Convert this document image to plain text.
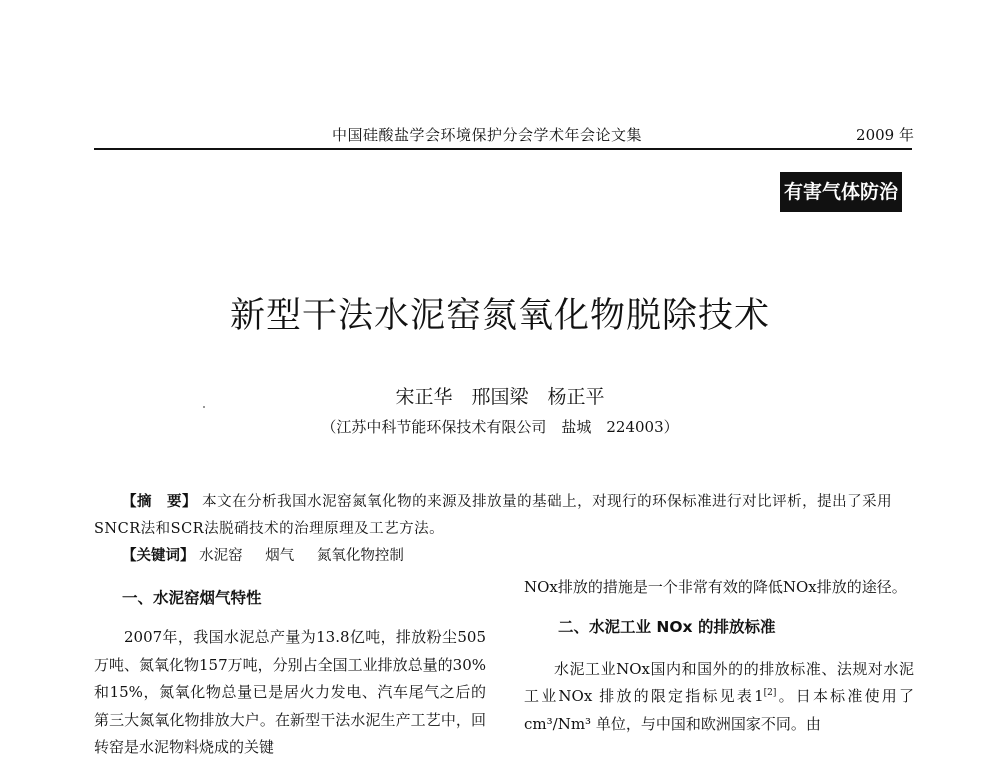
中国硅酸盐学会环境保护分会学术年会论文集	2009 年
有害气体防治
新型干法水泥窑氮氧化物脱除技术
宋正华　邢国梁　杨正平
（江苏中科节能环保技术有限公司　盐城　224003）
【摘　要】 本文在分析我国水泥窑氮氧化物的来源及排放量的基础上，对现行的环保标准进行对比评析，提出了采用SNCR法和SCR法脱硝技术的治理原理及工艺方法。
【关键词】 水泥窑 烟气 氮氧化物控制
一、水泥窑烟气特性

2007年，我国水泥总产量为13.8亿吨，排放粉尘505万吨、氮氧化物157万吨，分别占全国工业排放总量的30%和15%，氮氧化物总量已是居火力发电、汽车尾气之后的第三大氮氧化物排放大户。在新型干法水泥生产工艺中，回转窑是水泥物料烧成的关键

NOx排放的措施是一个非常有效的降低NOx排放的途径。

二、水泥工业 NOx 的排放标准

水泥工业NOx国内和国外的的排放标准、法规对水泥工业NOx 排放的限定指标见表1[2]。日本标准使用了cm³/Nm³ 单位，与中国和欧洲国家不同。由
